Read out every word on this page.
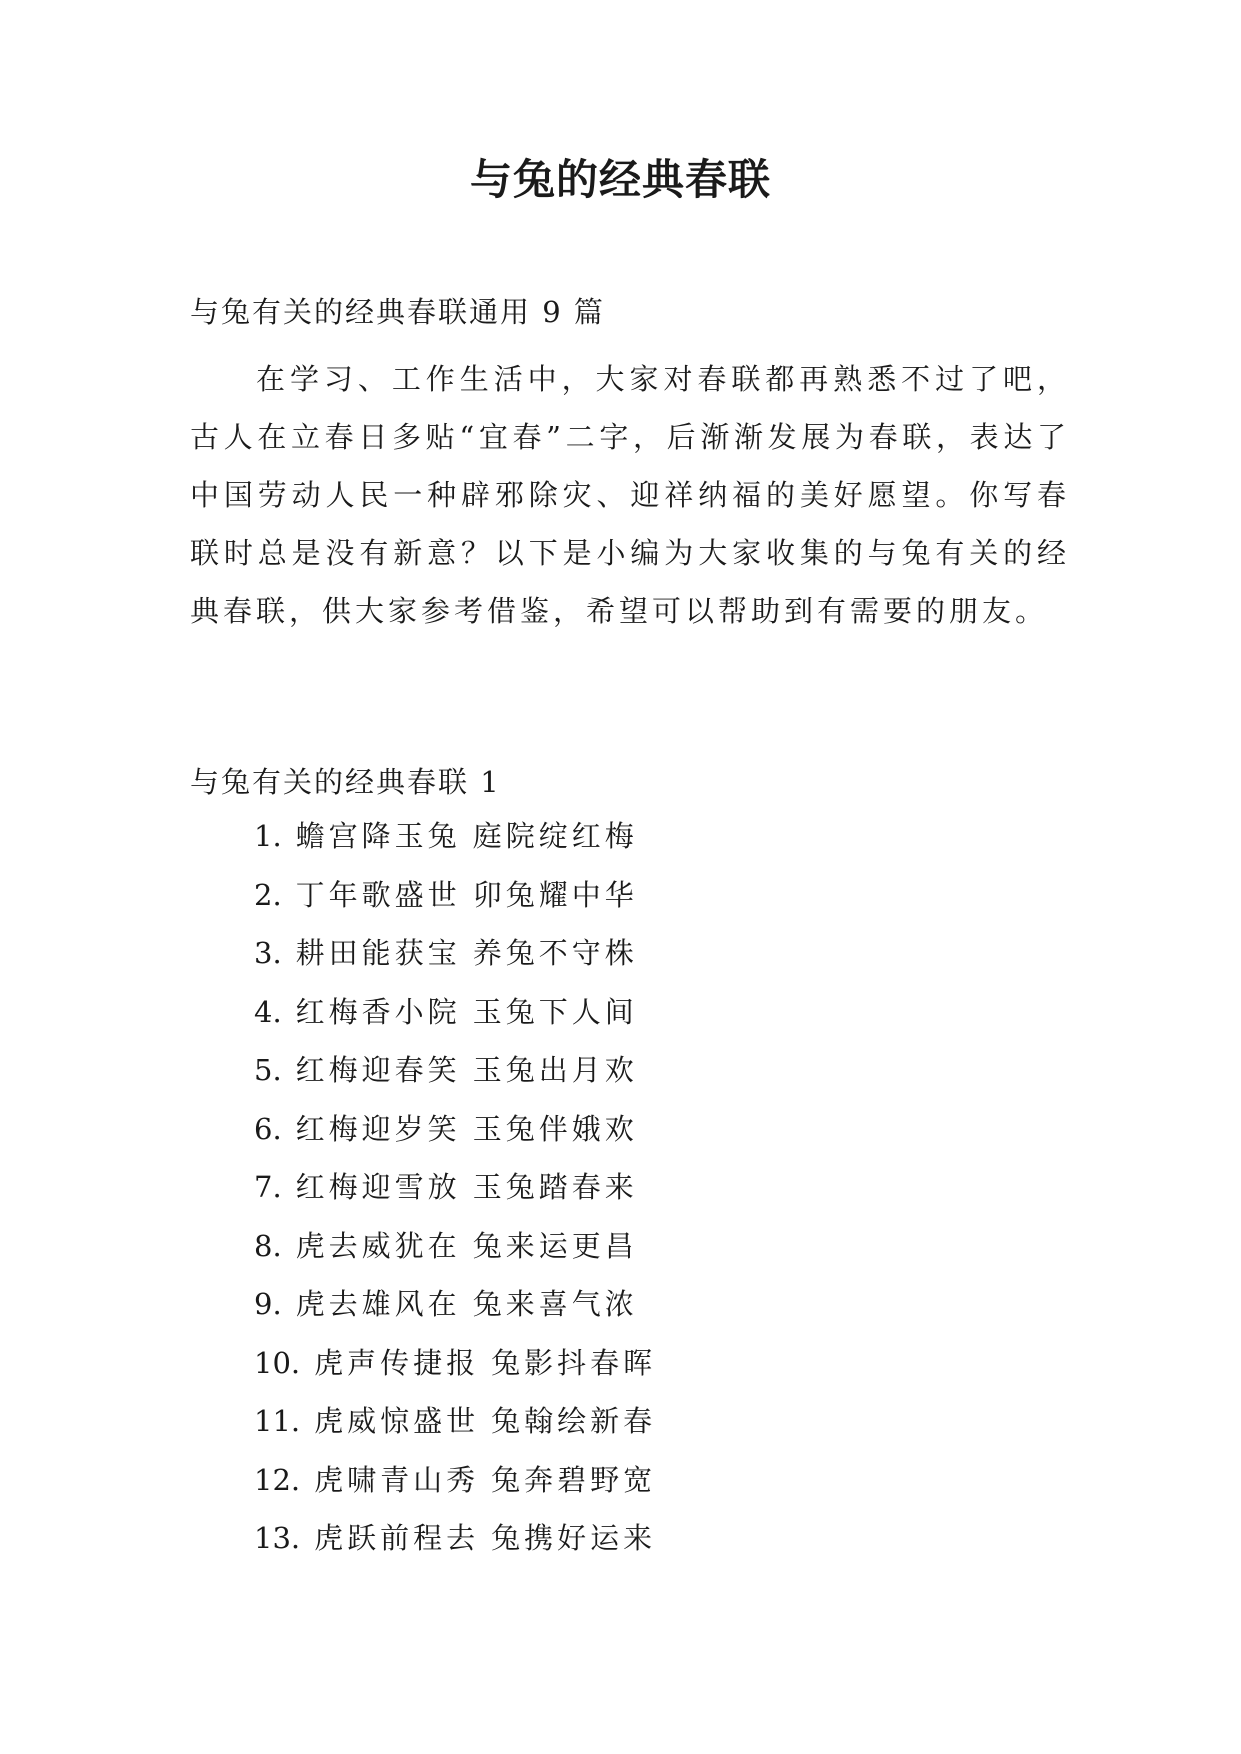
与兔的经典春联
与兔有关的经典春联通用 9 篇

在学习、工作生活中，大家对春联都再熟悉不过了吧，古人在立春日多贴“宜春”二字，后渐渐发展为春联，表达了中国劳动人民一种辟邪除灾、迎祥纳福的美好愿望。你写春联时总是没有新意？以下是小编为大家收集的与兔有关的经典春联，供大家参考借鉴，希望可以帮助到有需要的朋友。

与兔有关的经典春联 1
1. 蟾宫降玉兔 庭院绽红梅
2. 丁年歌盛世 卯兔耀中华
3. 耕田能获宝 养兔不守株
4. 红梅香小院 玉兔下人间
5. 红梅迎春笑 玉兔出月欢
6. 红梅迎岁笑 玉兔伴娥欢
7. 红梅迎雪放 玉兔踏春来
8. 虎去威犹在 兔来运更昌
9. 虎去雄风在 兔来喜气浓
10. 虎声传捷报 兔影抖春晖
11. 虎威惊盛世 兔翰绘新春
12. 虎啸青山秀 兔奔碧野宽
13. 虎跃前程去 兔携好运来
